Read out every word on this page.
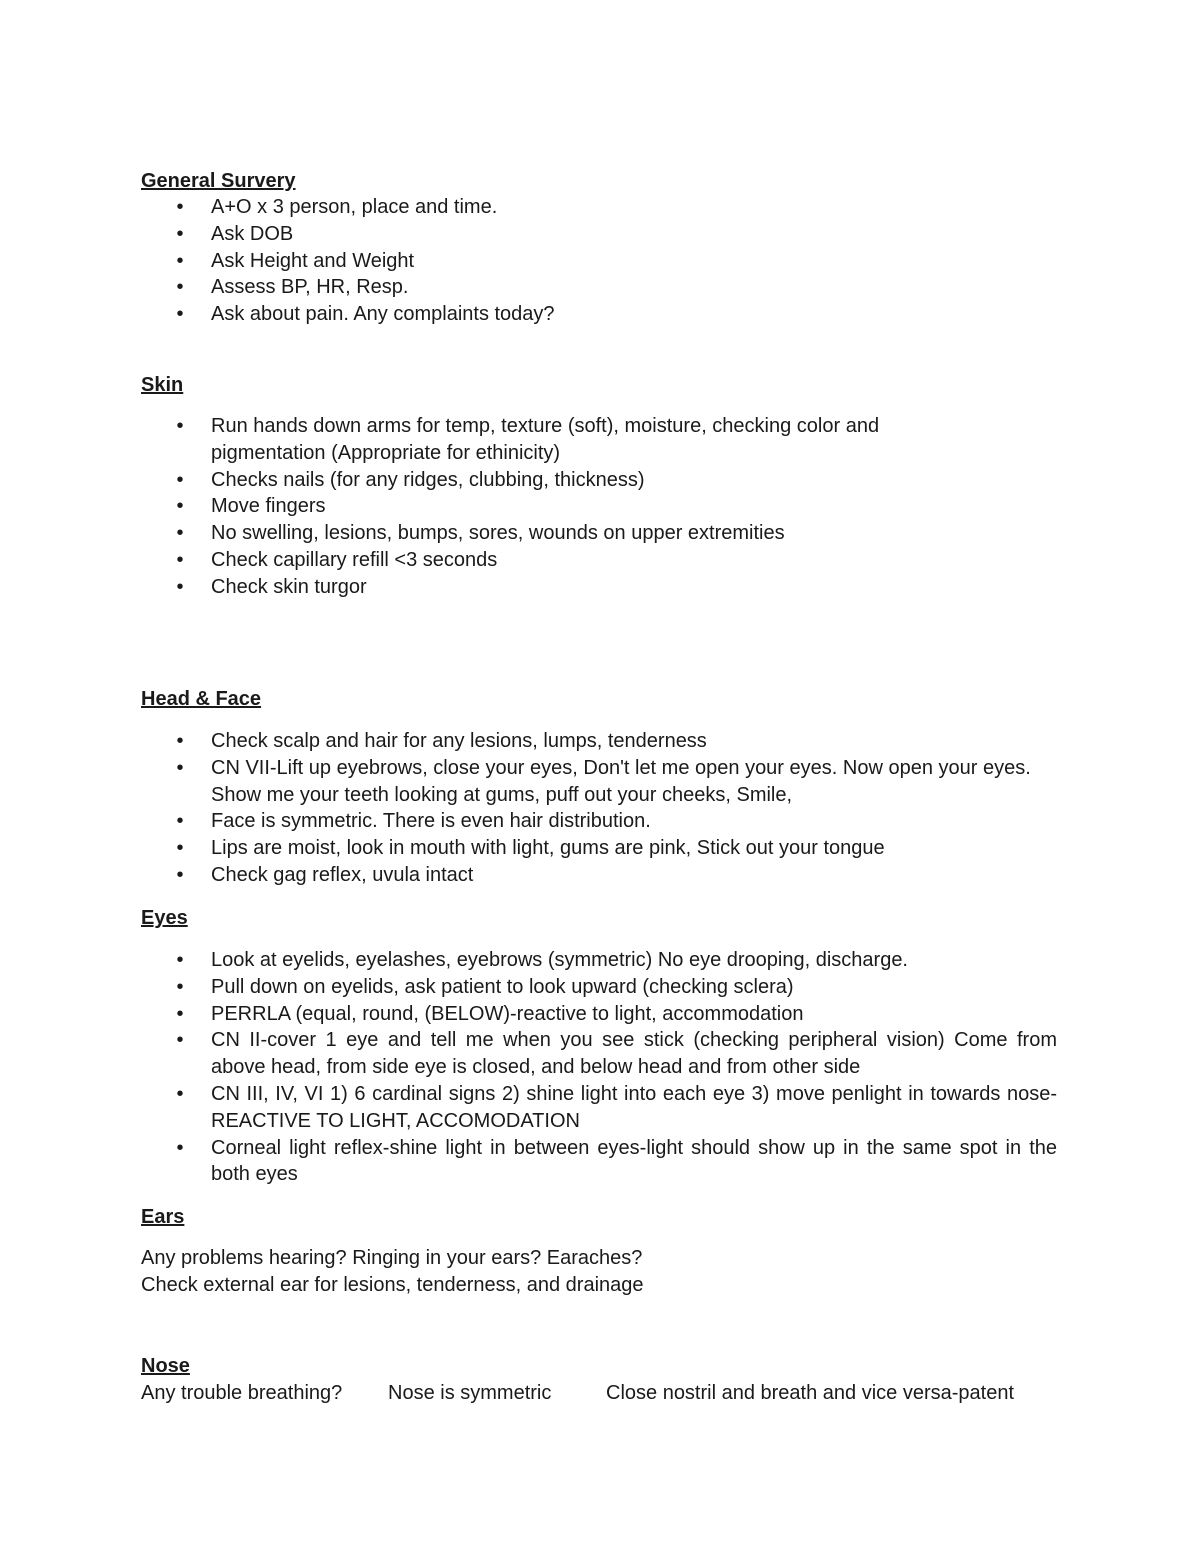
General Survery
• A+O x 3 person, place and time.
• Ask DOB
• Ask Height and Weight
• Assess BP, HR, Resp.
• Ask about pain. Any complaints today?
Skin
• Run hands down arms for temp, texture (soft), moisture, checking color and pigmentation (Appropriate for ethinicity)
• Checks nails (for any ridges, clubbing, thickness)
• Move fingers
• No swelling, lesions, bumps, sores, wounds on upper extremities
• Check capillary refill <3 seconds
• Check skin turgor
Head & Face
• Check scalp and hair for any lesions, lumps, tenderness
• CN VII-Lift up eyebrows, close your eyes, Don't let me open your eyes. Now open your eyes. Show me your teeth looking at gums, puff out your cheeks, Smile,
• Face is symmetric. There is even hair distribution.
• Lips are moist, look in mouth with light, gums are pink, Stick out your tongue
• Check gag reflex, uvula intact
Eyes
• Look at eyelids, eyelashes, eyebrows (symmetric) No eye drooping, discharge.
• Pull down on eyelids, ask patient to look upward (checking sclera)
• PERRLA (equal, round, (BELOW)-reactive to light, accommodation
• CN II-cover 1 eye and tell me when you see stick (checking peripheral vision) Come from above head, from side eye is closed, and below head and from other side
• CN III, IV, VI 1) 6 cardinal signs 2) shine light into each eye 3) move penlight in towards nose- REACTIVE TO LIGHT, ACCOMODATION
• Corneal light reflex-shine light in between eyes-light should show up in the same spot in the both eyes
Ears

Any problems hearing? Ringing in your ears? Earaches?

Check external ear for lesions, tenderness, and drainage

Nose
Any trouble breathing? Nose is symmetric	Close nostril and breath and vice versa-patent
